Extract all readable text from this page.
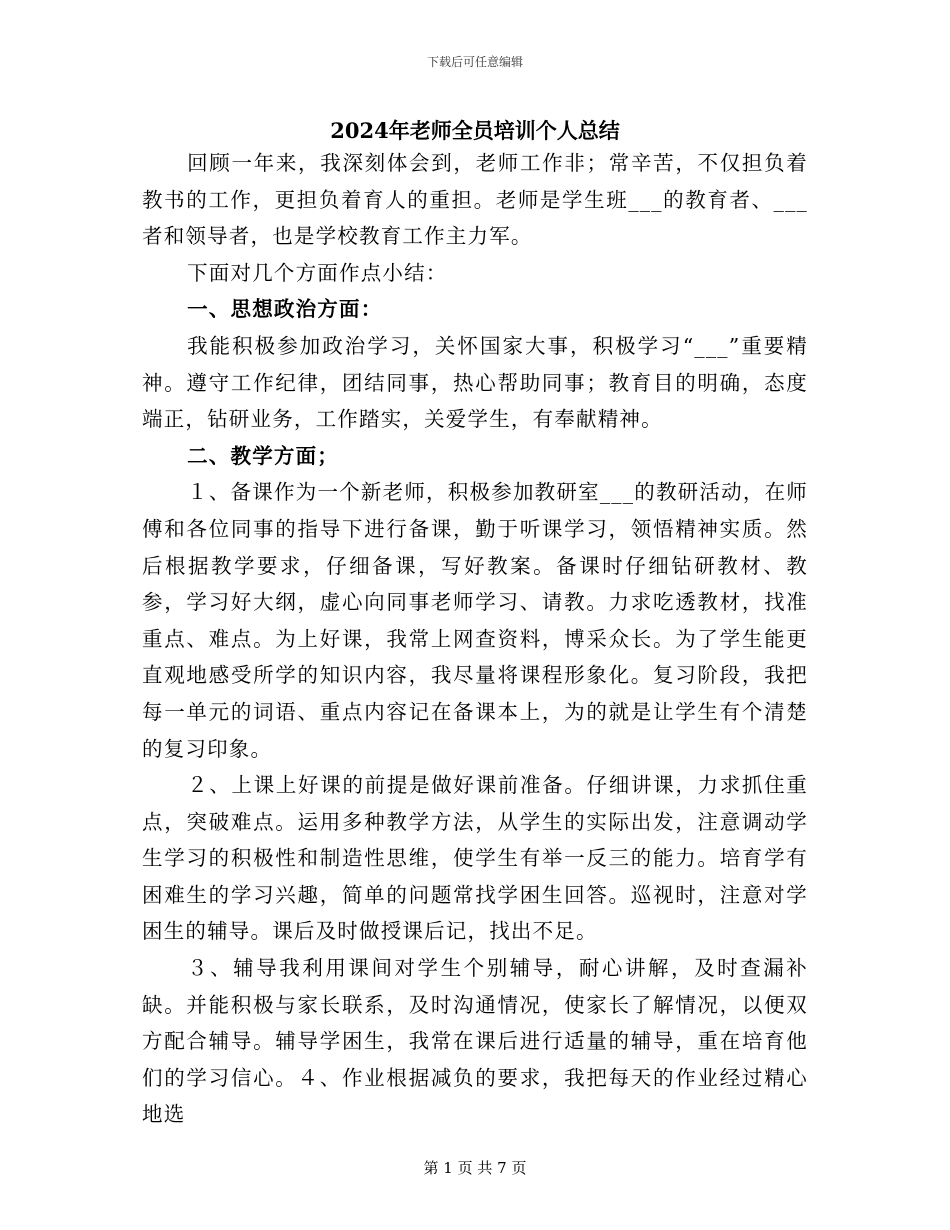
下载后可任意编辑
2024年老师全员培训个人总结

回顾一年来，我深刻体会到，老师工作非；常辛苦，不仅担负着教书的工作，更担负着育人的重担。老师是学生班___的教育者、___者和领导者，也是学校教育工作主力军。

下面对几个方面作点小结：

一、思想政治方面：

我能积极参加政治学习，关怀国家大事，积极学习“___”重要精神。遵守工作纪律，团结同事，热心帮助同事；教育目的明确，态度端正，钻研业务，工作踏实，关爱学生，有奉献精神。

二、教学方面；

１、备课作为一个新老师，积极参加教研室___的教研活动，在师傅和各位同事的指导下进行备课，勤于听课学习，领悟精神实质。然后根据教学要求，仔细备课，写好教案。备课时仔细钻研教材、教参，学习好大纲，虚心向同事老师学习、请教。力求吃透教材，找准重点、难点。为上好课，我常上网查资料，博采众长。为了学生能更直观地感受所学的知识内容，我尽量将课程形象化。复习阶段，我把每一单元的词语、重点内容记在备课本上，为的就是让学生有个清楚的复习印象。

２、上课上好课的前提是做好课前准备。仔细讲课，力求抓住重点，突破难点。运用多种教学方法，从学生的实际出发，注意调动学生学习的积极性和制造性思维，使学生有举一反三的能力。培育学有困难生的学习兴趣，简单的问题常找学困生回答。巡视时，注意对学困生的辅导。课后及时做授课后记，找出不足。

３、辅导我利用课间对学生个别辅导，耐心讲解，及时查漏补缺。并能积极与家长联系，及时沟通情况，使家长了解情况，以便双方配合辅导。辅导学困生，我常在课后进行适量的辅导，重在培育他们的学习信心。４、作业根据减负的要求，我把每天的作业经过精心地选

第 1 页 共 7 页
